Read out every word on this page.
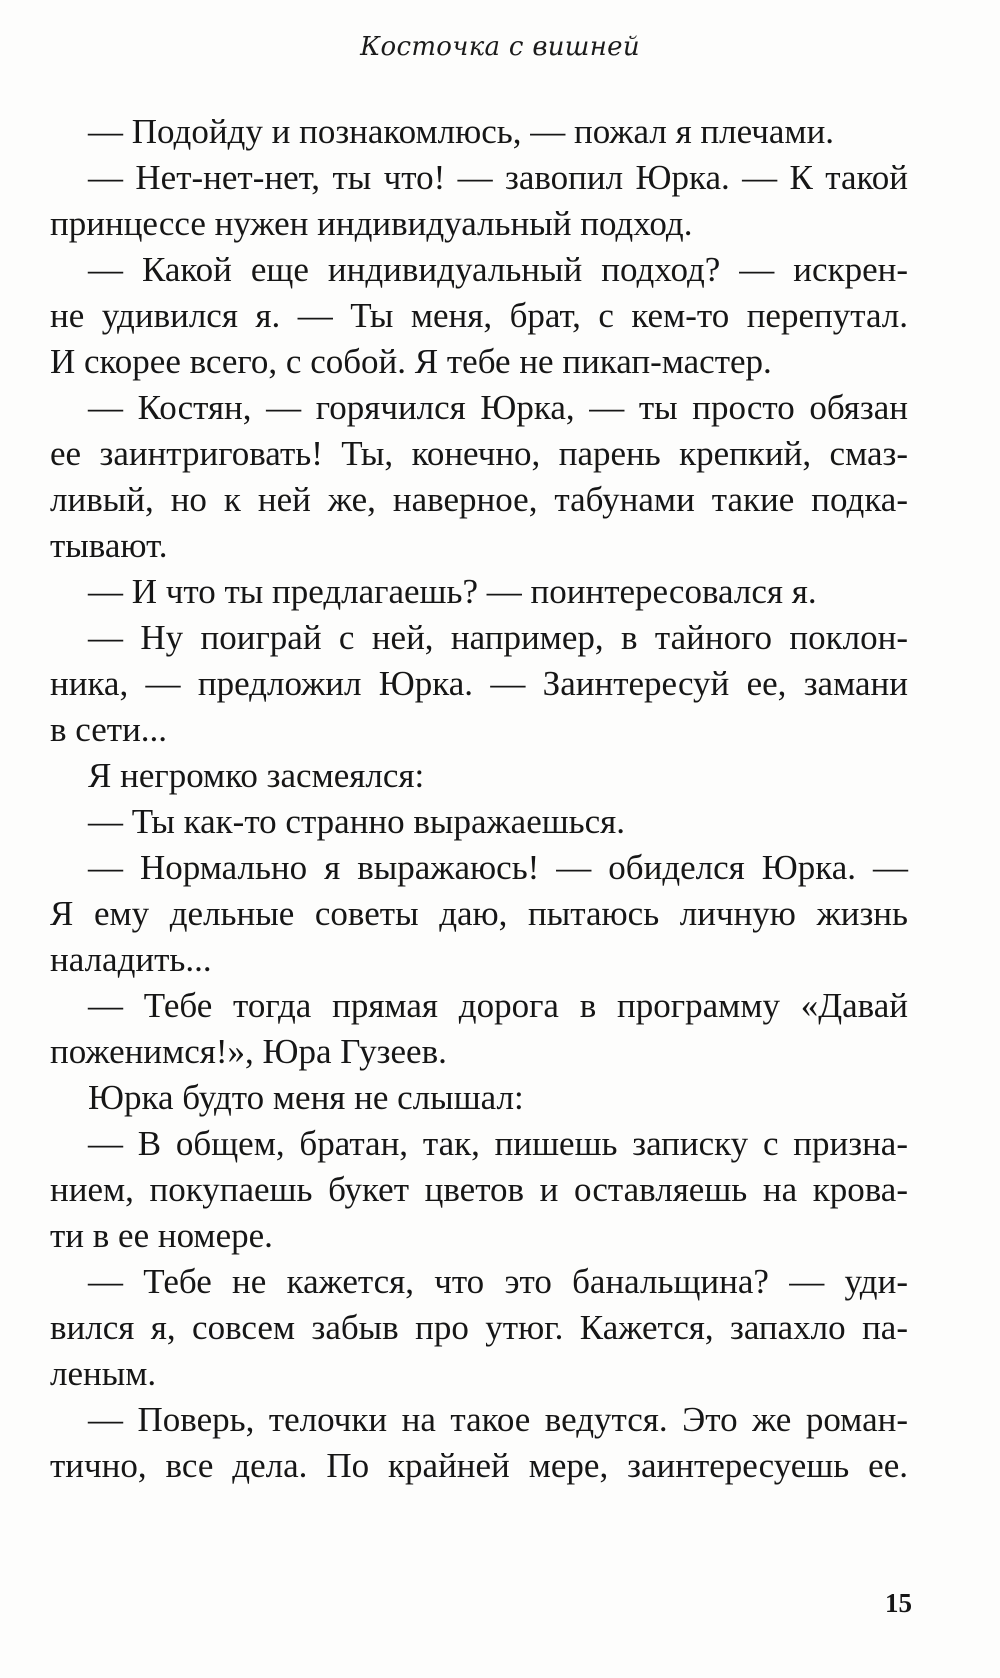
Косточка с вишней
— Подойду и познакомлюсь, — пожал я плечами.
— Нет-нет-нет, ты что! — завопил Юрка. — К такой
принцессе нужен индивидуальный подход.
— Какой еще индивидуальный подход? — искрен-
не удивился я. — Ты меня, брат, с кем-то перепутал.
И скорее всего, с собой. Я тебе не пикап-мастер.
— Костян, — горячился Юрка, — ты просто обязан
ее заинтриговать! Ты, конечно, парень крепкий, смаз-
ливый, но к ней же, наверное, табунами такие подка-
тывают.
— И что ты предлагаешь? — поинтересовался я.
— Ну поиграй с ней, например, в тайного поклон-
ника, — предложил Юрка. — Заинтересуй ее, замани
в сети...
Я негромко засмеялся:
— Ты как-то странно выражаешься.
— Нормально я выражаюсь! — обиделся Юрка. —
Я ему дельные советы даю, пытаюсь личную жизнь
наладить...
— Тебе тогда прямая дорога в программу «Давай
поженимся!», Юра Гузеев.
Юрка будто меня не слышал:
— В общем, братан, так, пишешь записку с призна-
нием, покупаешь букет цветов и оставляешь на крова-
ти в ее номере.
— Тебе не кажется, что это банальщина? — уди-
вился я, совсем забыв про утюг. Кажется, запахло па-
леным.
— Поверь, телочки на такое ведутся. Это же роман-
тично, все дела. По крайней мере, заинтересуешь ее.
15
